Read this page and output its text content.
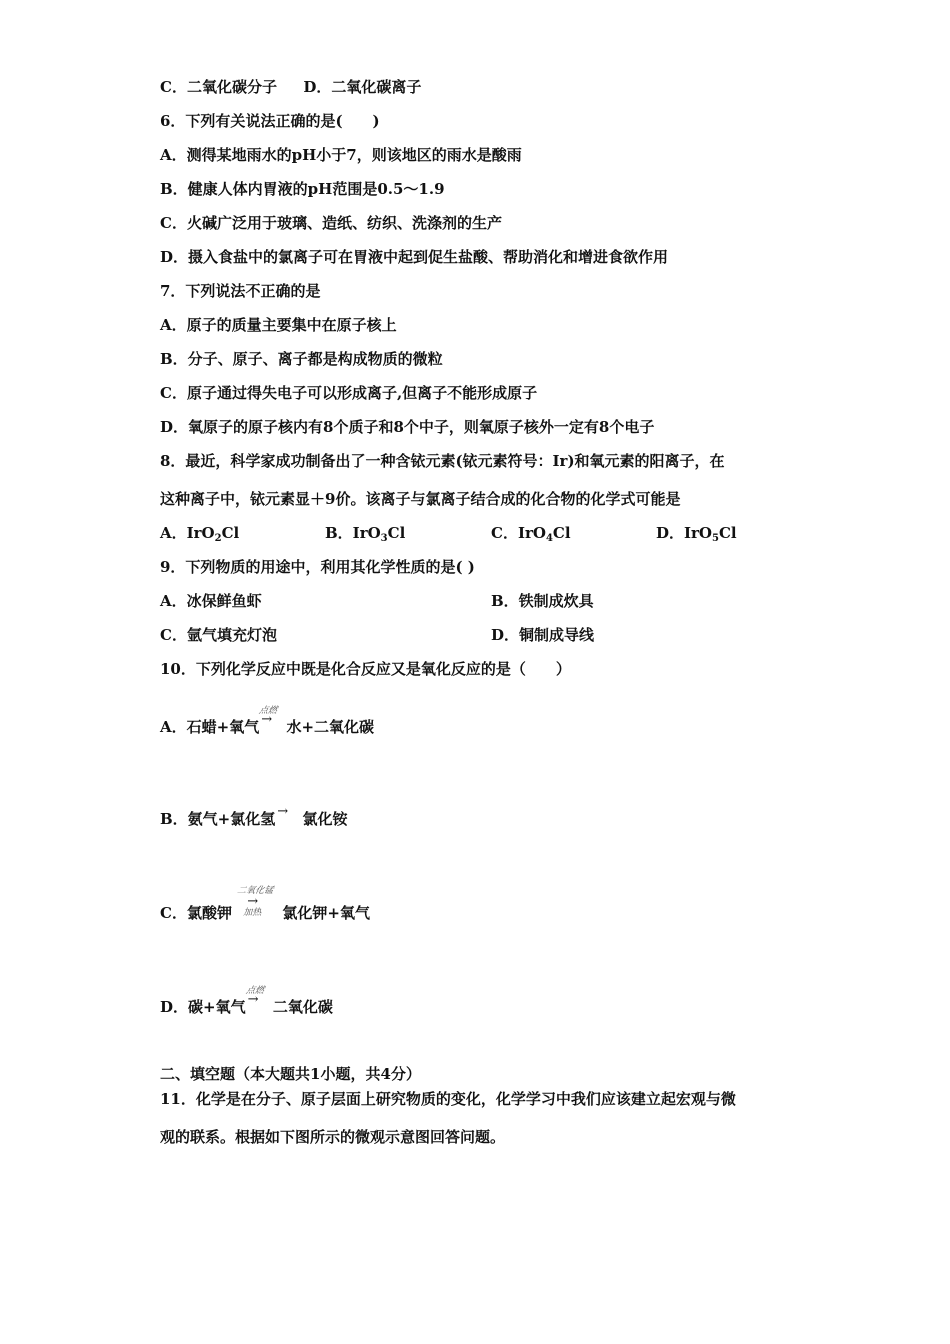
C．二氧化碳分子 D．二氧化碳离子
6．下列有关说法正确的是(　　)
A．测得某地雨水的pH小于7，则该地区的雨水是酸雨
B．健康人体内胃液的pH范围是0.5～1.9
C．火碱广泛用于玻璃、造纸、纺织、洗涤剂的生产
D．摄入食盐中的氯离子可在胃液中起到促生盐酸、帮助消化和增进食欲作用
7．下列说法不正确的是
A．原子的质量主要集中在原子核上
B．分子、原子、离子都是构成物质的微粒
C．原子通过得失电子可以形成离子,但离子不能形成原子
D．氧原子的原子核内有8个质子和8个中子，则氧原子核外一定有8个电子
8．最近，科学家成功制备出了一种含铱元素(铱元素符号：Ir)和氧元素的阳离子，在
这种离子中，铱元素显＋9价。该离子与氯离子结合成的化合物的化学式可能是
A．IrO$_2$Cl	B．IrO$_3$Cl	C．IrO$_4$Cl	D．IrO$_5$Cl
9．下列物质的用途中，利用其化学性质的是( )
A．冰保鲜鱼虾	B．铁制成炊具
C．氩气填充灯泡	D．铜制成导线
10．下列化学反应中既是化合反应又是氧化反应的是（　　）
A．石蜡+氧气
点燃
→ 水+二氧化碳
B．氨气+氯化氢 → 氯化铵
C．氯酸钾
二氧化锰
→
加热 氯化钾+氧气
D．碳+氧气
点燃
→ 二氧化碳
二、填空题（本大题共1小题，共4分）
11．化学是在分子、原子层面上研究物质的变化，化学学习中我们应该建立起宏观与微
观的联系。根据如下图所示的微观示意图回答问题。
